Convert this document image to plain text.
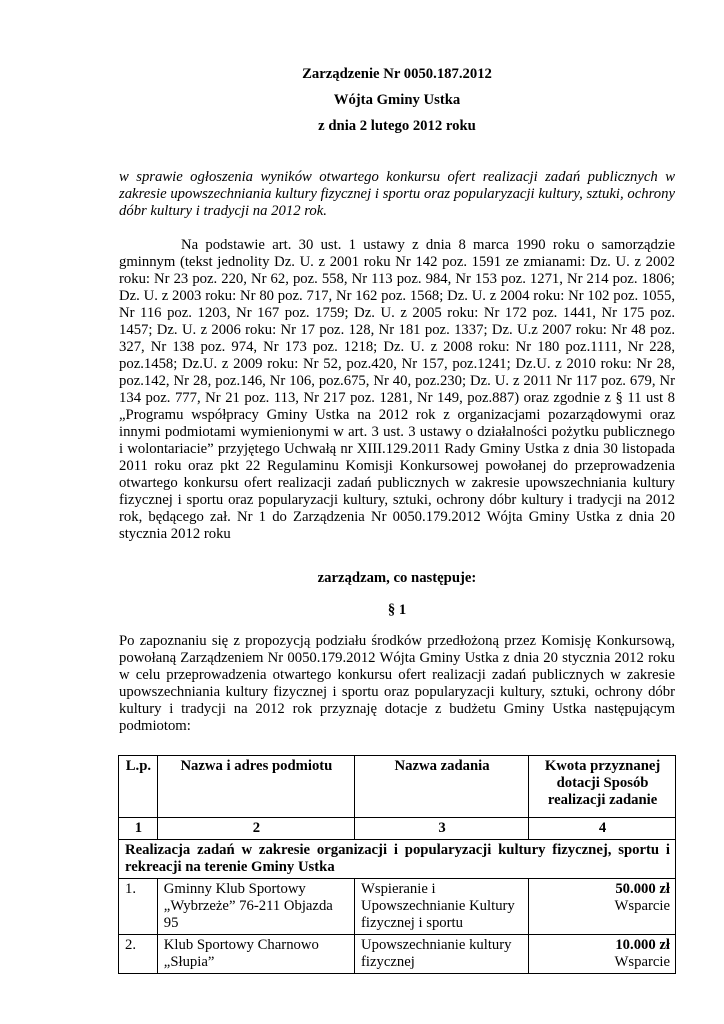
Zarządzenie Nr 0050.187.2012

Wójta Gminy Ustka

z dnia 2 lutego 2012 roku

w sprawie ogłoszenia wyników otwartego konkursu ofert realizacji zadań publicznych w zakresie upowszechniania kultury fizycznej i sportu oraz popularyzacji kultury, sztuki, ochrony dóbr kultury i tradycji na 2012 rok.

Na podstawie art. 30 ust. 1 ustawy z dnia 8 marca 1990 roku o samorządzie gminnym (tekst jednolity Dz. U. z 2001 roku Nr 142 poz. 1591 ze zmianami: Dz. U. z 2002 roku: Nr 23 poz. 220, Nr 62, poz. 558, Nr 113 poz. 984, Nr 153 poz. 1271, Nr 214 poz. 1806; Dz. U. z 2003 roku: Nr 80 poz. 717, Nr 162 poz. 1568; Dz. U. z 2004 roku: Nr 102 poz. 1055, Nr 116 poz. 1203, Nr 167 poz. 1759; Dz. U. z 2005 roku: Nr 172 poz. 1441, Nr 175 poz. 1457; Dz. U. z 2006 roku: Nr 17 poz. 128, Nr 181 poz. 1337; Dz. U.z 2007 roku: Nr 48 poz. 327, Nr 138 poz. 974, Nr 173 poz. 1218; Dz. U. z 2008 roku: Nr 180 poz.1111, Nr 228, poz.1458; Dz.U. z 2009 roku: Nr 52, poz.420, Nr 157, poz.1241; Dz.U. z 2010 roku: Nr 28, poz.142, Nr 28, poz.146, Nr 106, poz.675, Nr 40, poz.230; Dz. U. z 2011 Nr 117 poz. 679, Nr 134 poz. 777, Nr 21 poz. 113, Nr 217 poz. 1281, Nr 149, poz.887) oraz zgodnie z § 11 ust 8 „Programu współpracy Gminy Ustka na 2012 rok z organizacjami pozarządowymi oraz innymi podmiotami wymienionymi w art. 3 ust. 3 ustawy o działalności pożytku publicznego i wolontariacie” przyjętego Uchwałą nr XIII.129.2011 Rady Gminy Ustka z dnia 30 listopada 2011 roku oraz pkt 22 Regulaminu Komisji Konkursowej powołanej do przeprowadzenia otwartego konkursu ofert realizacji zadań publicznych w zakresie upowszechniania kultury fizycznej i sportu oraz popularyzacji kultury, sztuki, ochrony dóbr kultury i tradycji na 2012 rok, będącego zał. Nr 1 do Zarządzenia Nr 0050.179.2012 Wójta Gminy Ustka z dnia 20 stycznia 2012 roku

zarządzam, co następuje:

§ 1

Po zapoznaniu się z propozycją podziału środków przedłożoną przez Komisję Konkursową, powołaną Zarządzeniem Nr 0050.179.2012 Wójta Gminy Ustka z dnia 20 stycznia 2012 roku w celu przeprowadzenia otwartego konkursu ofert realizacji zadań publicznych w zakresie upowszechniania kultury fizycznej i sportu oraz popularyzacji kultury, sztuki, ochrony dóbr kultury i tradycji na 2012 rok przyznaję dotacje z budżetu Gminy Ustka następującym podmiotom:

L.p.	Nazwa i adres podmiotu	Nazwa zadania	Kwota przyznanej dotacji Sposób realizacji zadanie
1	2	3	4
Realizacja zadań w zakresie organizacji i popularyzacji kultury fizycznej, sportu i rekreacji na terenie Gminy Ustka			
1.	Gminny Klub Sportowy „Wybrzeże” 76-211 Objazda 95	Wspieranie i Upowszechnianie Kultury fizycznej i sportu	50.000 zł
Wsparcie
2.	Klub Sportowy Charnowo „Słupia”	Upowszechnianie kultury fizycznej	10.000 zł
Wsparcie
